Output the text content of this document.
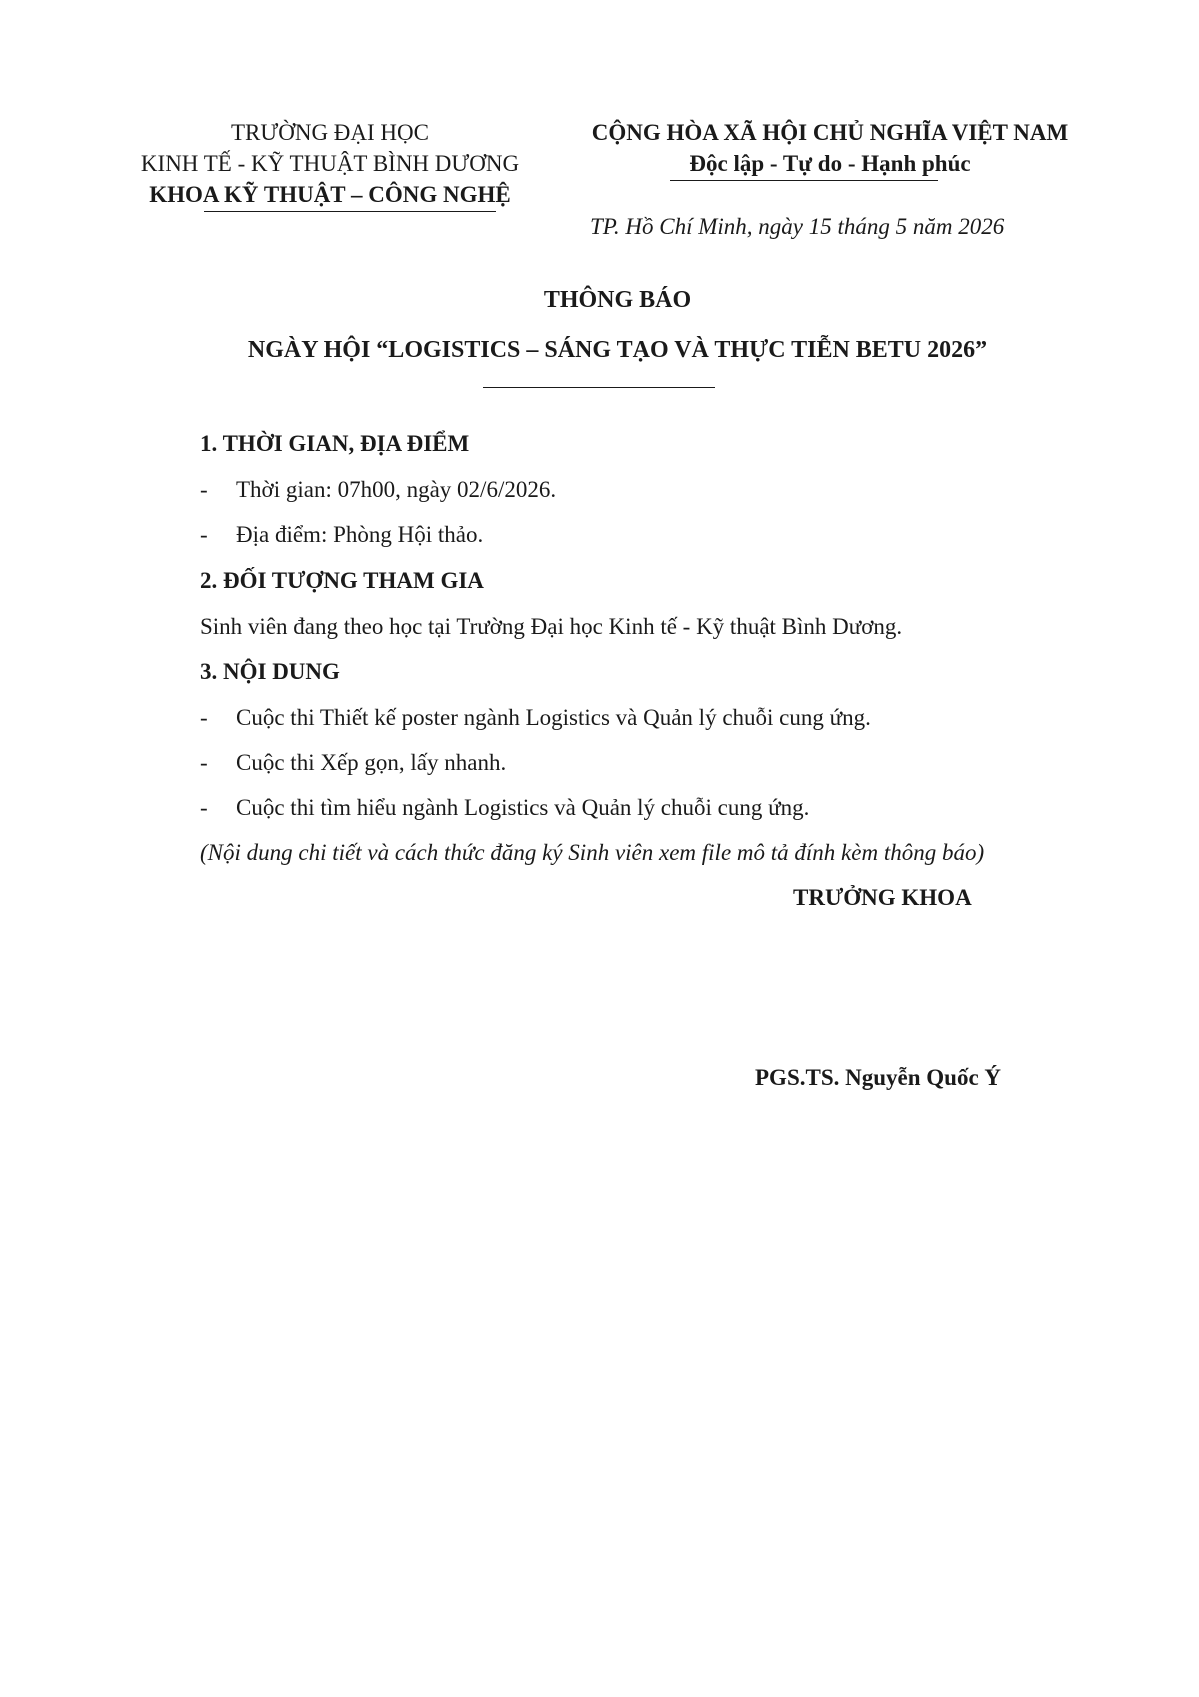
TRƯỜNG ĐẠI HỌC
KINH TẾ - KỸ THUẬT BÌNH DƯƠNG
KHOA KỸ THUẬT – CÔNG NGHỆ
CỘNG HÒA XÃ HỘI CHỦ NGHĨA VIỆT NAM
Độc lập - Tự do - Hạnh phúc
TP. Hồ Chí Minh, ngày 15 tháng 5 năm 2026
THÔNG BÁO
NGÀY HỘI “LOGISTICS – SÁNG TẠO VÀ THỰC TIỄN BETU 2026”
1. THỜI GIAN, ĐỊA ĐIỂM
- Thời gian: 07h00, ngày 02/6/2026.
- Địa điểm: Phòng Hội thảo.
2. ĐỐI TƯỢNG THAM GIA
Sinh viên đang theo học tại Trường Đại học Kinh tế - Kỹ thuật Bình Dương.
3. NỘI DUNG
- Cuộc thi Thiết kế poster ngành Logistics và Quản lý chuỗi cung ứng.
- Cuộc thi Xếp gọn, lấy nhanh.
- Cuộc thi tìm hiểu ngành Logistics và Quản lý chuỗi cung ứng.
(Nội dung chi tiết và cách thức đăng ký Sinh viên xem file mô tả đính kèm thông báo)
TRƯỞNG KHOA
PGS.TS. Nguyễn Quốc Ý
